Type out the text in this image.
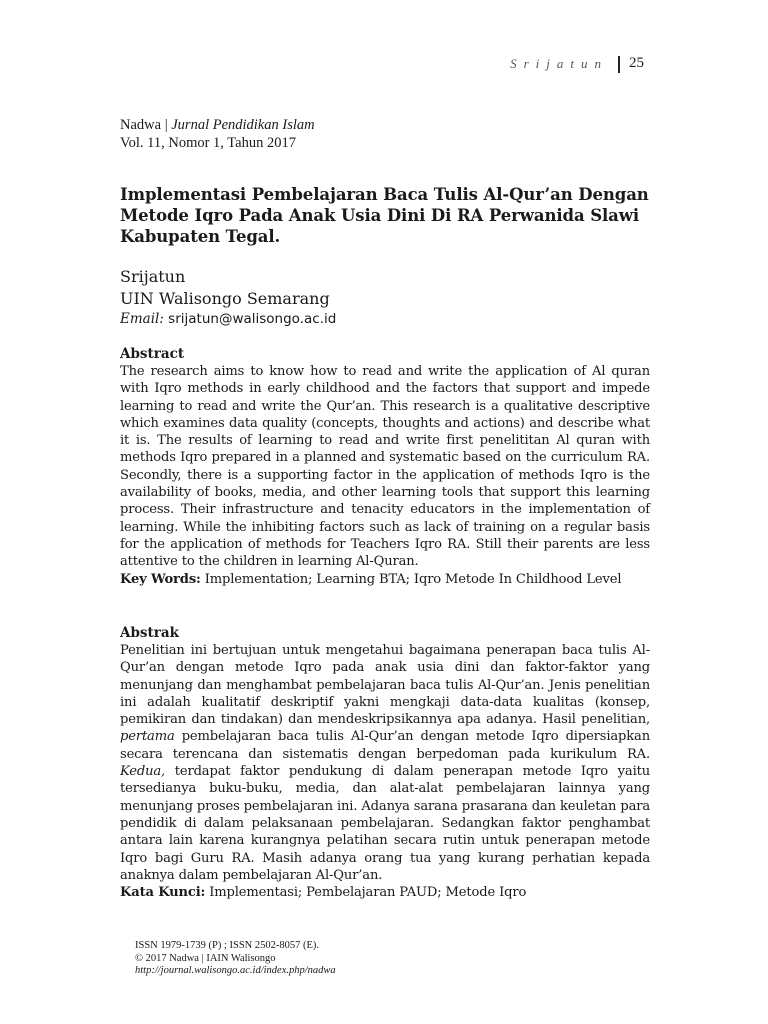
Srijatun 25
Nadwa | Jurnal Pendidikan Islam
Vol. 11, Nomor 1, Tahun 2017
Implementasi Pembelajaran Baca Tulis Al-Qur’an Dengan Metode Iqro Pada Anak Usia Dini Di RA Perwanida Slawi Kabupaten Tegal.
Srijatun
UIN Walisongo Semarang
Email: srijatun@walisongo.ac.id
Abstract
The research aims to know how to read and write the application of Al quran with Iqro methods in early childhood and the factors that support and impede learning to read and write the Qur’an. This research is a qualitative descriptive which examines data quality (concepts, thoughts and actions) and describe what it is. The results of learning to read and write first penelititan Al quran with methods Iqro prepared in a planned and systematic based on the curriculum RA. Secondly, there is a supporting factor in the application of methods Iqro is the availability of books, media, and other learning tools that support this learning process. Their infrastructure and tenacity educators in the implementation of learning. While the inhibiting factors such as lack of training on a regular basis for the application of methods for Teachers Iqro RA. Still their parents are less attentive to the children in learning Al-Quran.
Key Words: Implementation; Learning BTA; Iqro Metode In Childhood Level
Abstrak
Penelitian ini bertujuan untuk mengetahui bagaimana penerapan baca tulis Al-Qur’an dengan metode Iqro pada anak usia dini dan faktor-faktor yang menunjang dan menghambat pembelajaran baca tulis Al-Qur’an. Jenis penelitian ini adalah kualitatif deskriptif yakni mengkaji data-data kualitas (konsep, pemikiran dan tindakan) dan mendeskripsikannya apa adanya. Hasil penelitian, pertama pembelajaran baca tulis Al-Qur’an dengan metode Iqro dipersiapkan secara terencana dan sistematis dengan berpedoman pada kurikulum RA. Kedua, terdapat faktor pendukung di dalam penerapan metode Iqro yaitu tersedianya buku-buku, media, dan alat-alat pembelajaran lainnya yang menunjang proses pembelajaran ini. Adanya sarana prasarana dan keuletan para pendidik di dalam pelaksanaan pembelajaran. Sedangkan faktor penghambat antara lain karena kurangnya pelatihan secara rutin untuk penerapan metode Iqro bagi Guru RA. Masih adanya orang tua yang kurang perhatian kepada anaknya dalam pembelajaran Al-Qur’an.
Kata Kunci: Implementasi; Pembelajaran PAUD; Metode Iqro
ISSN 1979-1739 (P) ; ISSN 2502-8057 (E).
© 2017 Nadwa | IAIN Walisongo
http://journal.walisongo.ac.id/index.php/nadwa
